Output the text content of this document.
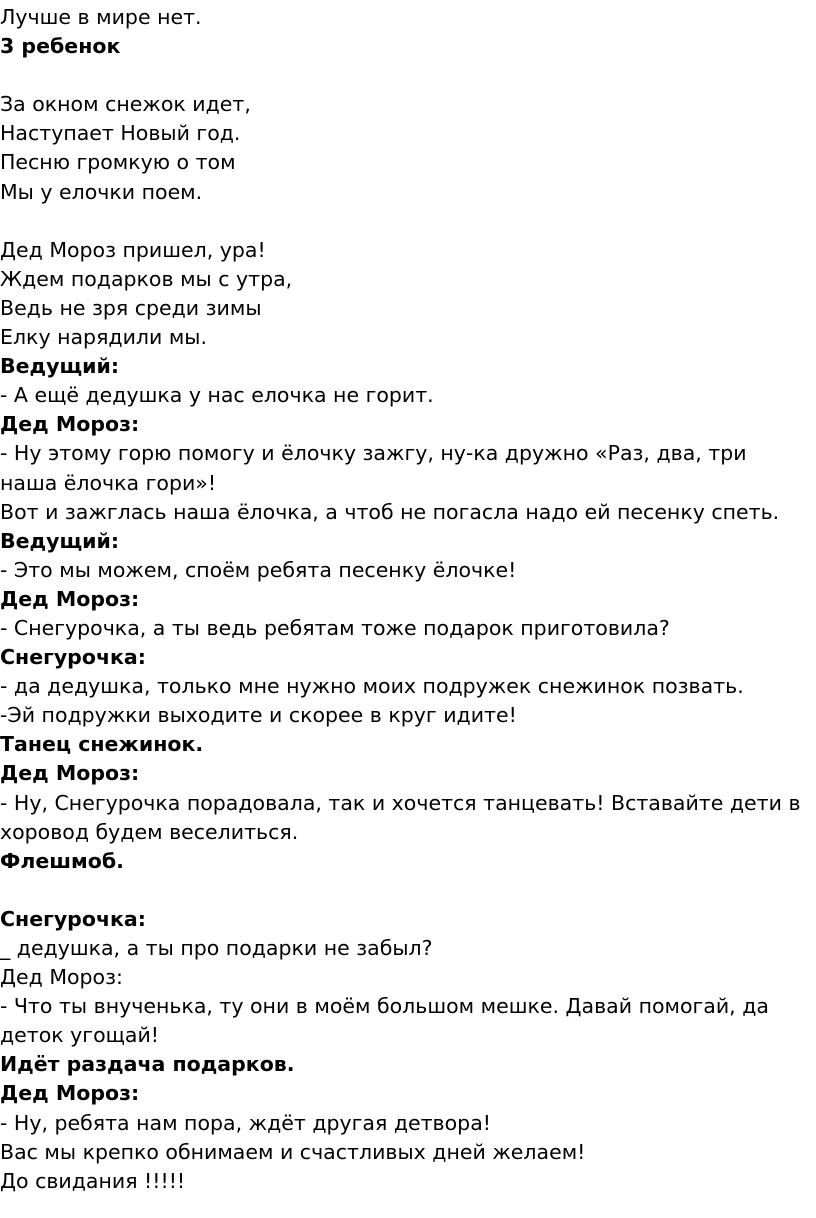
Лучше в мире нет.
3 ребенок
За окном снежок идет,
Наступает Новый год.
Песню громкую о том
Мы у елочки поем.
Дед Мороз пришел, ура!
Ждем подарков мы с утра,
Ведь не зря среди зимы
Елку нарядили мы.
Ведущий:
- А ещё дедушка у нас елочка не горит.
Дед Мороз:
- Ну этому горю помогу и ёлочку зажгу, ну-ка дружно «Раз, два, три
наша ёлочка гори»!
Вот и зажглась наша ёлочка, а чтоб не погасла надо ей песенку спеть.
Ведущий:
- Это мы можем, споём ребята песенку ёлочке!
Дед Мороз:
- Снегурочка, а ты ведь ребятам тоже подарок приготовила?
Снегурочка:
- да дедушка, только мне нужно моих подружек снежинок позвать.
-Эй подружки выходите и скорее в круг идите!
Танец снежинок.
Дед Мороз:
- Ну, Снегурочка порадовала, так и хочется танцевать! Вставайте дети в
хоровод будем веселиться.
Флешмоб.
Снегурочка:
_ дедушка, а ты про подарки не забыл?
Дед Мороз:
- Что ты внученька, ту они в моём большом мешке. Давай помогай, да
деток угощай!
Идёт раздача подарков.
Дед Мороз:
- Ну, ребята нам пора, ждёт другая детвора!
Вас мы крепко обнимаем и счастливых дней желаем!
До свидания !!!!!
